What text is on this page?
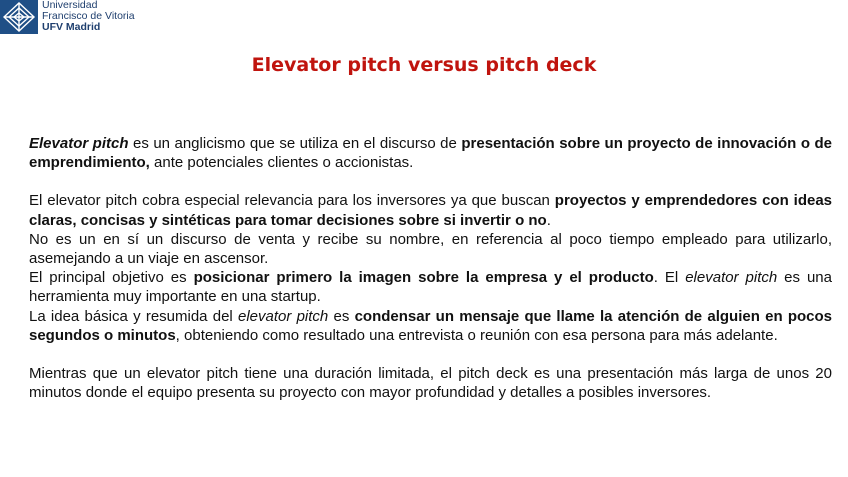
Universidad
Francisco de Vitoria
UFV Madrid
Elevator pitch versus pitch deck

Elevator pitch es un anglicismo que se utiliza en el discurso de presentación sobre un proyecto de innovación o de emprendimiento, ante potenciales clientes o accionistas.

El elevator pitch cobra especial relevancia para los inversores ya que buscan proyectos y emprendedores con ideas claras, concisas y sintéticas para tomar decisiones sobre si invertir o no.

No es un en sí un discurso de venta y recibe su nombre, en referencia al poco tiempo empleado para utilizarlo, asemejando a un viaje en ascensor.

El principal objetivo es posicionar primero la imagen sobre la empresa y el producto. El elevator pitch es una herramienta muy importante en una startup.

La idea básica y resumida del elevator pitch es condensar un mensaje que llame la atención de alguien en pocos segundos o minutos, obteniendo como resultado una entrevista o reunión con esa persona para más adelante.

Mientras que un elevator pitch tiene una duración limitada, el pitch deck es una presentación más larga de unos 20 minutos donde el equipo presenta su proyecto con mayor profundidad y detalles a posibles inversores.
